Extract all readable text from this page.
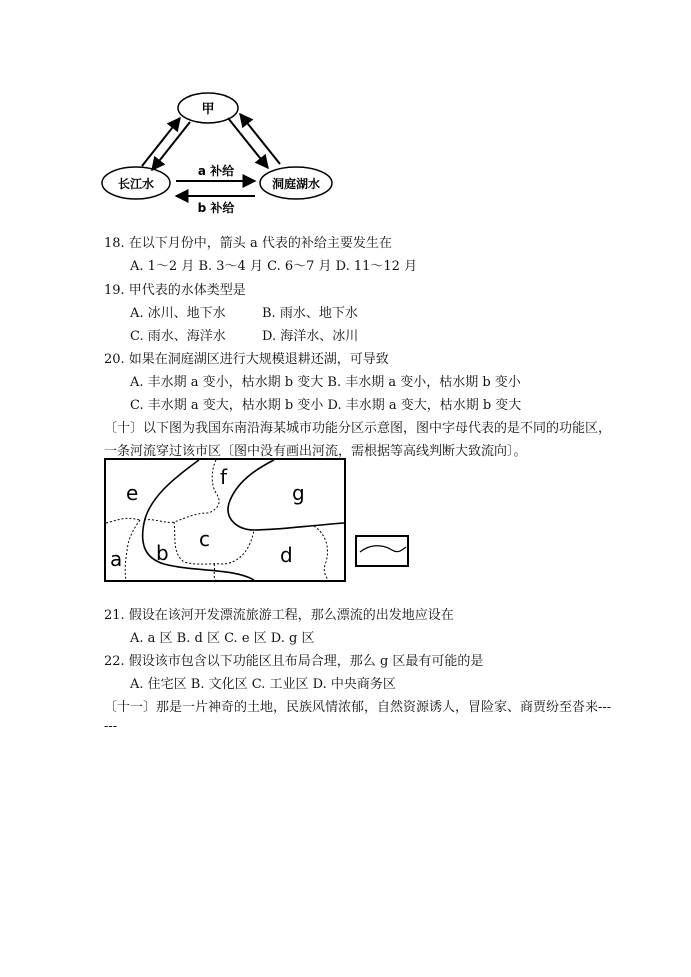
甲
长江水	洞庭湖水
a 补给
b 补给
18. 在以下月份中，箭头 a 代表的补给主要发生在
A. 1～2 月 B. 3～4 月 C. 6～7 月 D. 11～12 月
19. 甲代表的水体类型是
A. 冰川、地下水	B. 雨水、地下水
C. 雨水、海洋水	D. 海洋水、冰川
20. 如果在洞庭湖区进行大规模退耕还湖，可导致
A. 丰水期 a 变小，枯水期 b 变大 B. 丰水期 a 变小，枯水期 b 变小
C. 丰水期 a 变大，枯水期 b 变小 D. 丰水期 a 变大，枯水期 b 变大
〔十〕以下图为我国东南沿海某城市功能分区示意图，图中字母代表的是不同的功能区，
一条河流穿过该市区〔图中没有画出河流，需根据等高线判断大致流向〕。
e
f
g
c
a b	d
21. 假设在该河开发漂流旅游工程，那么漂流的出发地应设在
A. a 区 B. d 区 C. e 区 D. g 区
22. 假设该市包含以下功能区且布局合理，那么 g 区最有可能的是
A. 住宅区 B. 文化区 C. 工业区 D. 中央商务区
〔十一〕那是一片神奇的土地，民族风情浓郁，自然资源诱人，冒险家、商贾纷至沓来---
---
